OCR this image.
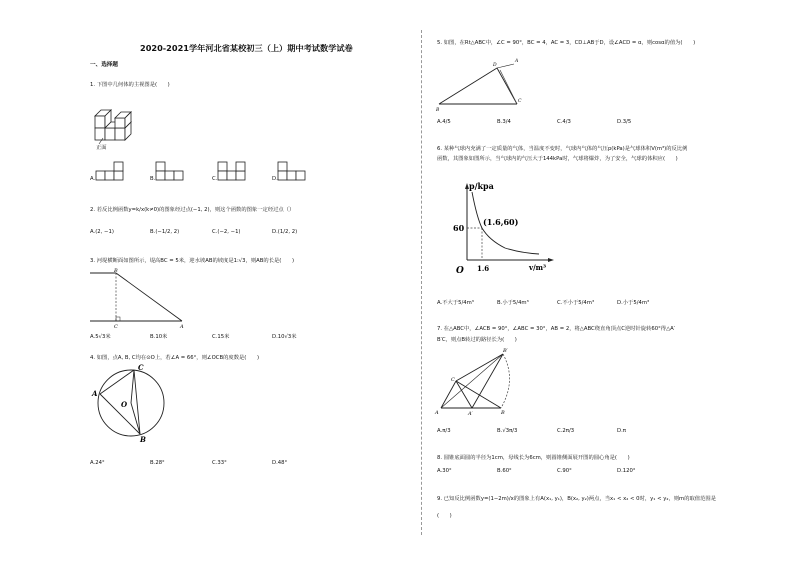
2020-2021学年河北省某校初三（上）期中考试数学试卷
一、选择题
1. 下图中几何体的主视图是(　　)
正面
A.	B.	C.	D.
2. 若反比例函数y=k/x(k≠0)的图象经过点(−1, 2)，则这个函数的图象一定经过点（）
A.(2, −1)	B.(−1/2, 2)	C.(−2, −1)	D.(1/2, 2)
3. 河堤横断面如图所示，堤高BC = 5米，迎水坡AB的坡度是1:√3，则AB的长是(　　)
B
C	A
A.5√3米	B.10米	C.15米	D.10√3米
4. 如图，点A, B, C均在⊙O上，若∠A = 66°，则∠OCB的度数是(　　)
A
C
O
B
A.24°	B.28°	C.33°	D.48°
5. 如图，在Rt△ABC中，∠C = 90°，BC = 4，AC = 3，CD⊥AB于D，设∠ACD = α，则cosα的值为(　　)
D
A
B
C
A.4/5	B.3/4	C.4/3	D.3/5
6. 某种气球内充满了一定质量的气体，当温度不变时，气球内气体的气压p(kPa)是气球体积V(m³)的反比例
函数，其图象如图所示，当气球内的气压大于144kPa时，气球将爆炸，为了安全，气球的体积应(　　)
p/kpa
v/m³
O
60
1.6
(1.6,60)
A.不大于5/4m³	B.小于5/4m³	C.不小于5/4m³	D.小于5/4m³
7. 在△ABC中，∠ACB = 90°，∠ABC = 30°，AB = 2，将△ABC绕直角顶点C逆时针旋转60°得△A′
B′C，则点B转过的路径长为(　　)
A
C
A′	B
B′
A.π/3	B.√3π/3	C.2π/3	D.π
8. 圆锥底面圆的半径为1cm，母线长为6cm，则圆锥侧面展开图的圆心角是(　　)
A.30°	B.60°	C.90°	D.120°
9. 已知反比例函数y=(1−2m)/x的图象上有A(x₁, y₁)，B(x₂, y₂)两点，当x₁ < x₂ < 0时，y₁ < y₂，则m的取值范围是
(　　)
